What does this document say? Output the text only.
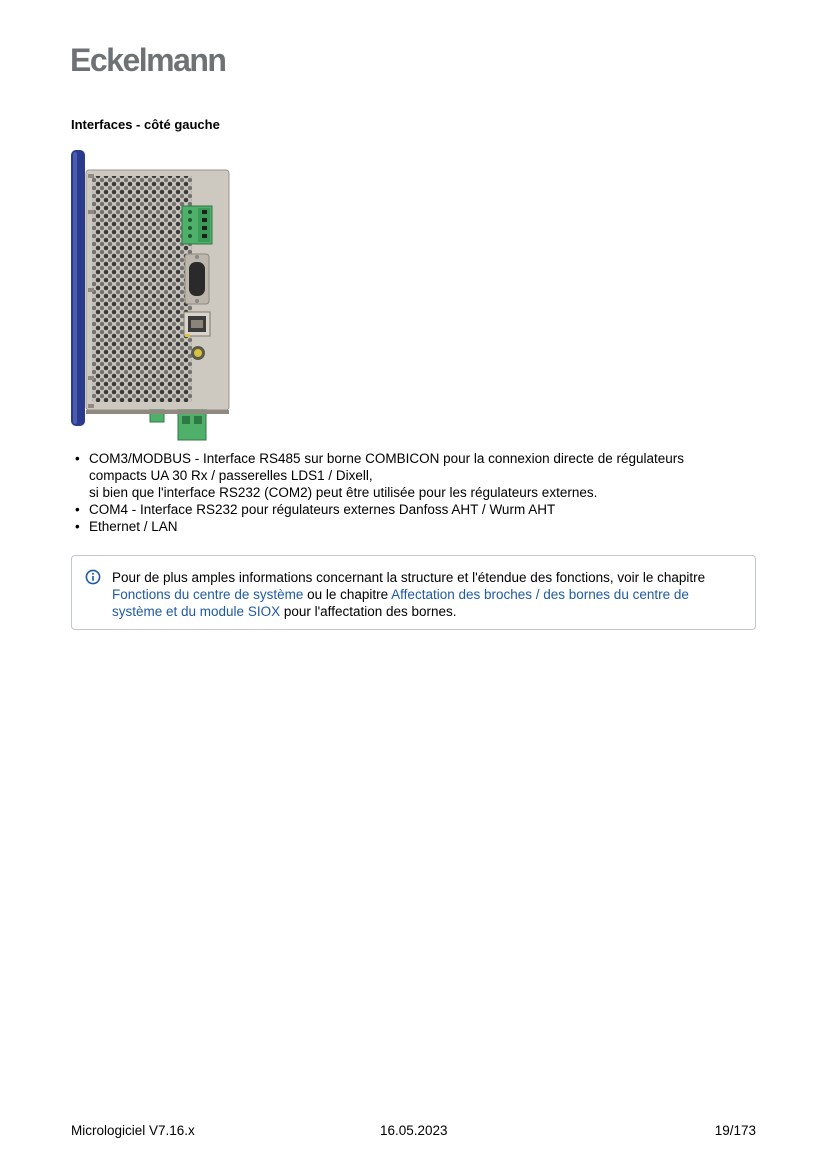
Eckelmann
Interfaces - côté gauche
• COM3/MODBUS - Interface RS485 sur borne COMBICON pour la connexion directe de régulateurs
compacts UA 30 Rx / passerelles LDS1 / Dixell,
si bien que l'interface RS232 (COM2) peut être utilisée pour les régulateurs externes.
• COM4 - Interface RS232 pour régulateurs externes Danfoss AHT / Wurm AHT
• Ethernet / LAN
Pour de plus amples informations concernant la structure et l'étendue des fonctions, voir le chapitre Fonctions du centre de système ou le chapitre Affectation des broches / des bornes du centre de système et du module SIOX pour l'affectation des bornes.
Micrologiciel V7.16.x	16.05.2023	19/173
